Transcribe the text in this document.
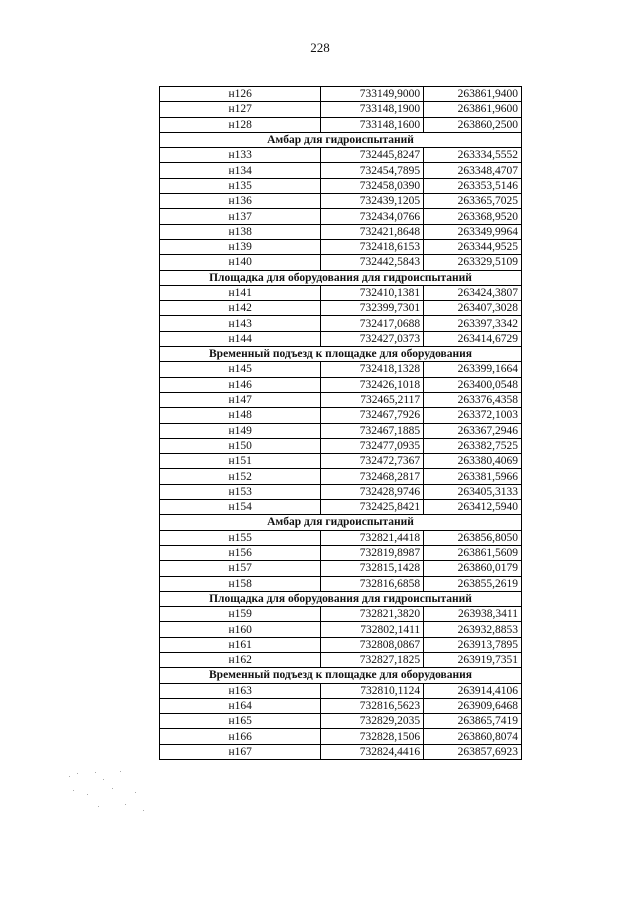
228
н126	733149,9000	263861,9400
н127	733148,1900	263861,9600
н128	733148,1600	263860,2500
Амбар для гидроиспытаний		
н133	732445,8247	263334,5552
н134	732454,7895	263348,4707
н135	732458,0390	263353,5146
н136	732439,1205	263365,7025
н137	732434,0766	263368,9520
н138	732421,8648	263349,9964
н139	732418,6153	263344,9525
н140	732442,5843	263329,5109
Площадка для оборудования для гидроиспытаний		
н141	732410,1381	263424,3807
н142	732399,7301	263407,3028
н143	732417,0688	263397,3342
н144	732427,0373	263414,6729
Временный подъезд к площадке для оборудования		
н145	732418,1328	263399,1664
н146	732426,1018	263400,0548
н147	732465,2117	263376,4358
н148	732467,7926	263372,1003
н149	732467,1885	263367,2946
н150	732477,0935	263382,7525
н151	732472,7367	263380,4069
н152	732468,2817	263381,5966
н153	732428,9746	263405,3133
н154	732425,8421	263412,5940
Амбар для гидроиспытаний		
н155	732821,4418	263856,8050
н156	732819,8987	263861,5609
н157	732815,1428	263860,0179
н158	732816,6858	263855,2619
Площадка для оборудования для гидроиспытаний		
н159	732821,3820	263938,3411
н160	732802,1411	263932,8853
н161	732808,0867	263913,7895
н162	732827,1825	263919,7351
Временный подъезд к площадке для оборудования		
н163	732810,1124	263914,4106
н164	732816,5623	263909,6468
н165	732829,2035	263865,7419
н166	732828,1506	263860,8074
н167	732824,4416	263857,6923
